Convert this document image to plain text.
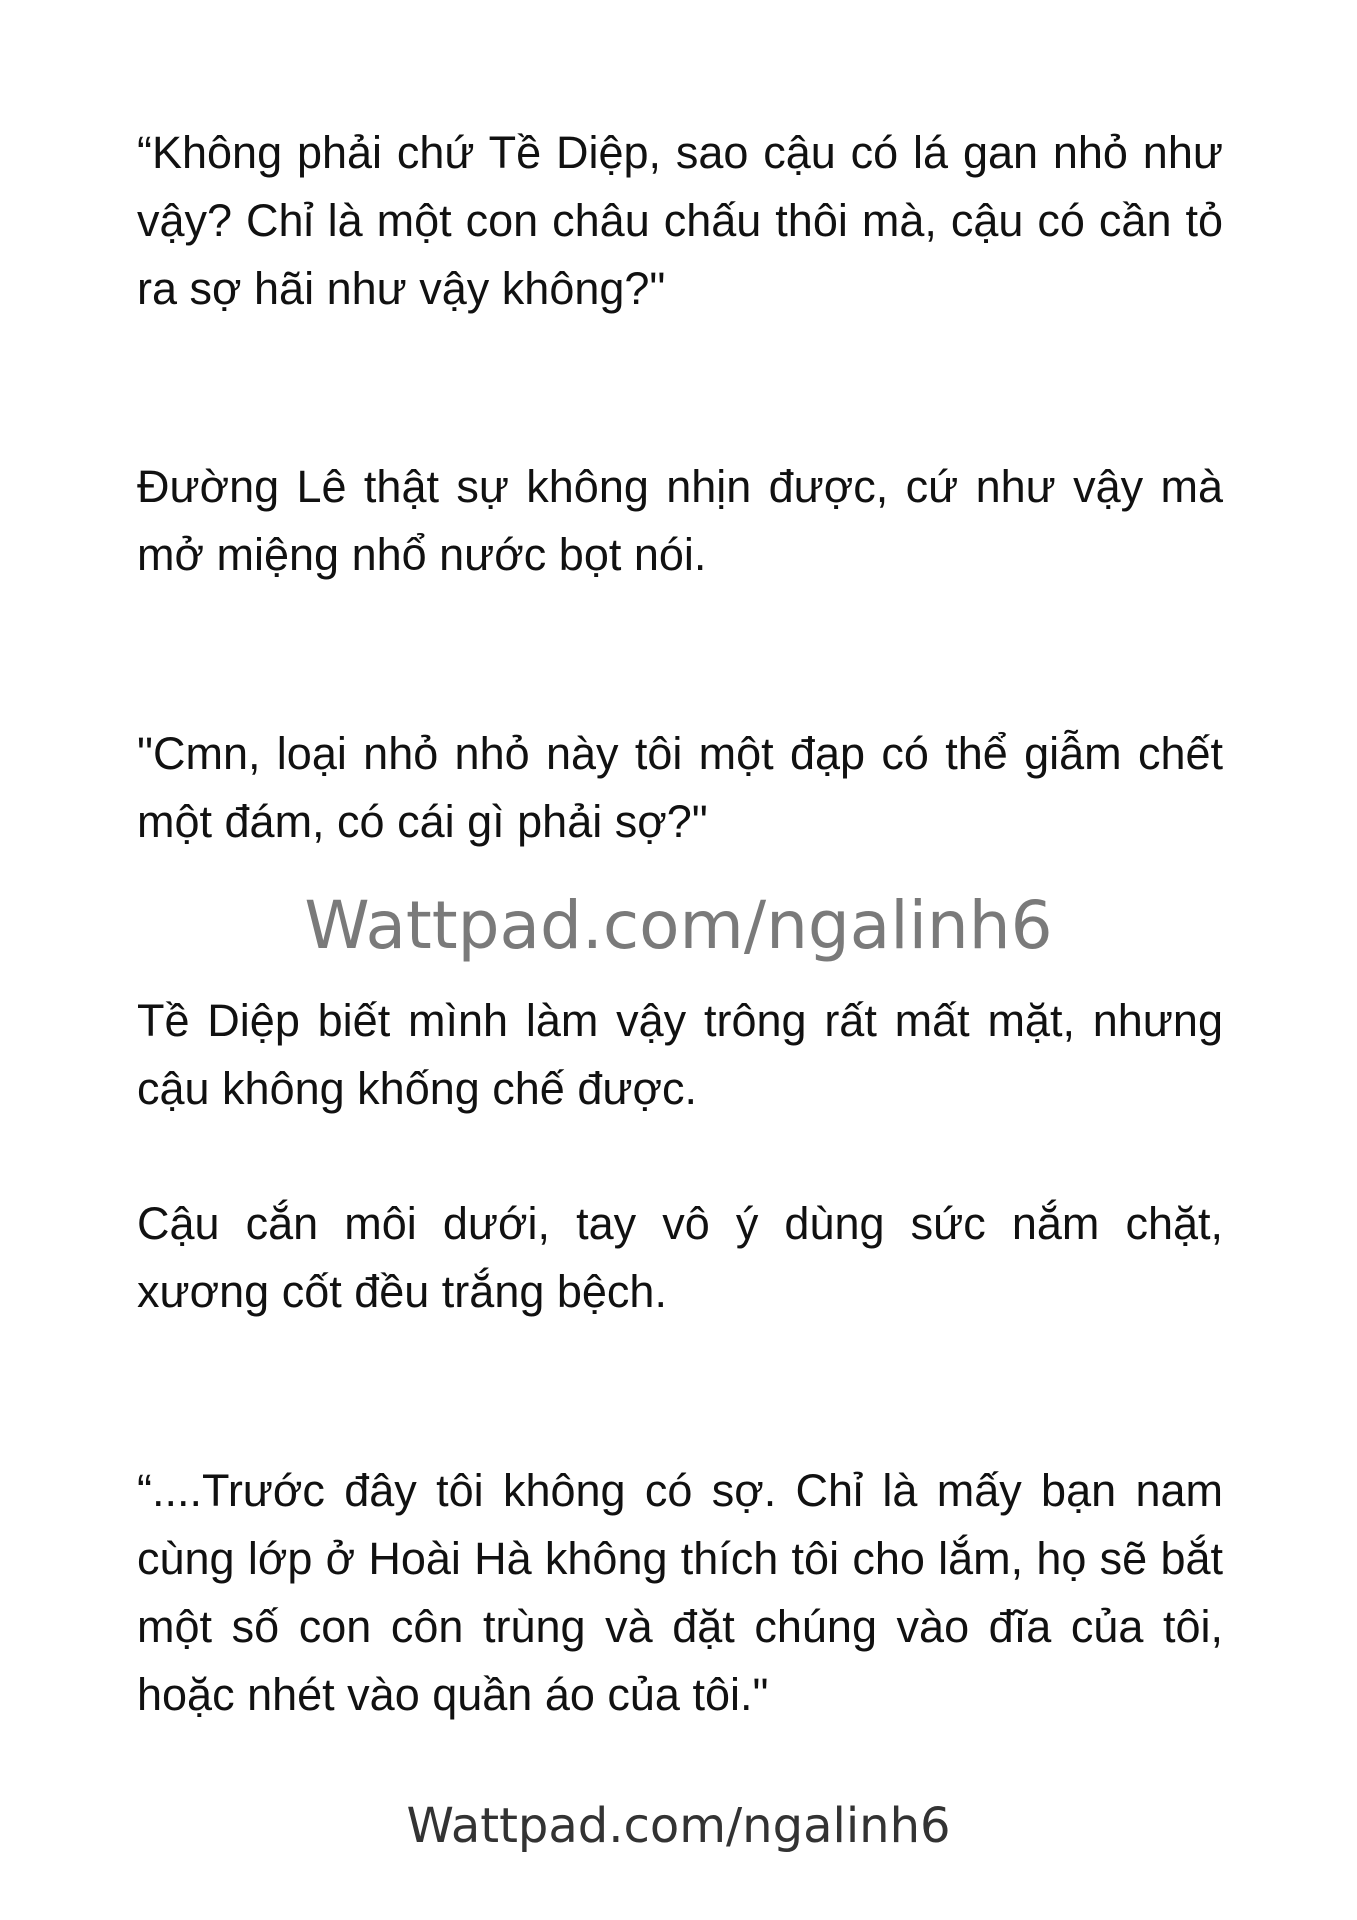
“Không phải chứ Tề Diệp, sao cậu có lá gan nhỏ như vậy? Chỉ là một con châu chấu thôi mà, cậu có cần tỏ ra sợ hãi như vậy không?"

Đường Lê thật sự không nhịn được, cứ như vậy mà mở miệng nhổ nước bọt nói.

"Cmn, loại nhỏ nhỏ này tôi một đạp có thể giẫm chết một đám, có cái gì phải sợ?"

Wattpad.com/ngalinh6

Tề Diệp biết mình làm vậy trông rất mất mặt, nhưng cậu không khống chế được.

Cậu cắn môi dưới, tay vô ý dùng sức nắm chặt, xương cốt đều trắng bệch.

“....Trước đây tôi không có sợ. Chỉ là mấy bạn nam cùng lớp ở Hoài Hà không thích tôi cho lắm, họ sẽ bắt một số con côn trùng và đặt chúng vào đĩa của tôi, hoặc nhét vào quần áo của tôi."

Wattpad.com/ngalinh6
